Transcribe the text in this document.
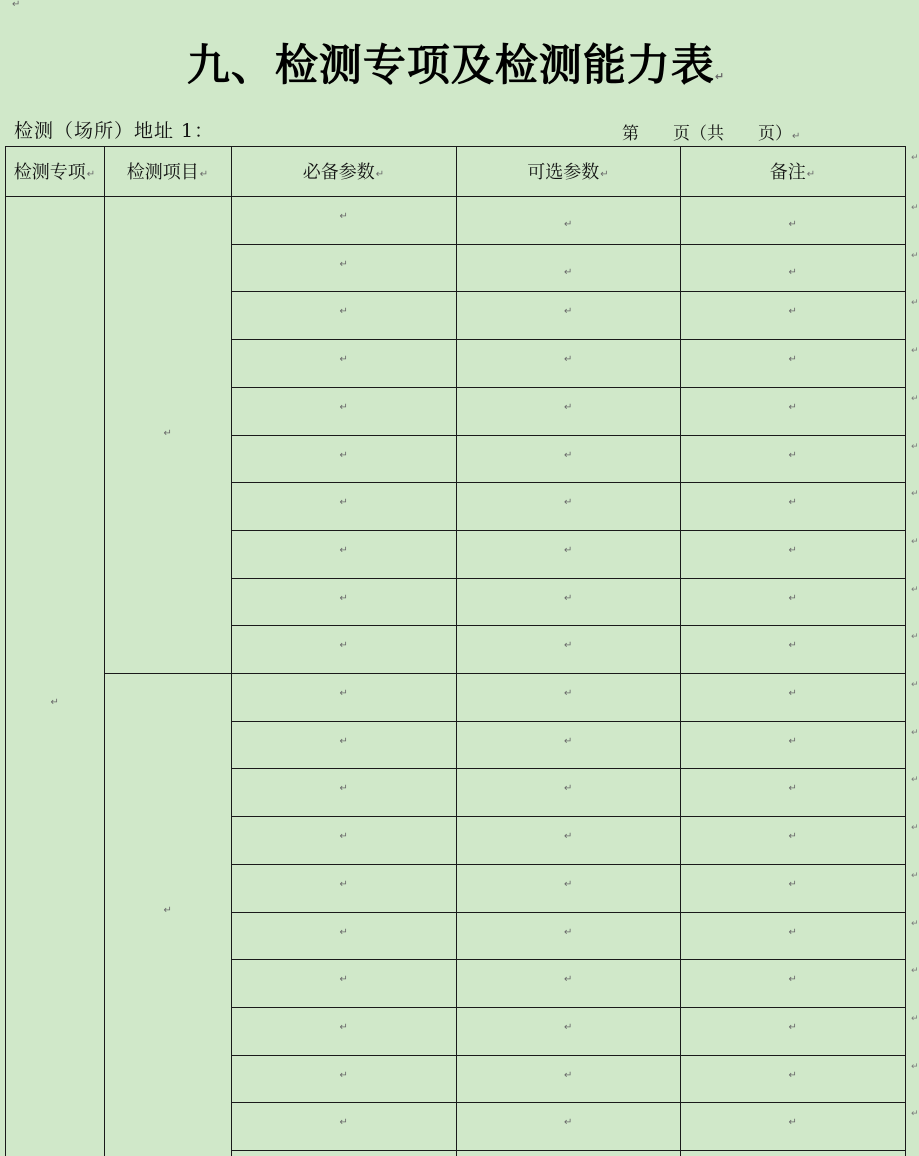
↵
九、检测专项及检测能力表↵
检测（场所）地址 1：	第　　页（共　　页）↵
检测专项 ↵ 检测项目 ↵	必备参数 ↵	可选参数 ↵	备注 ↵
↵
↵
↵	↵
↵
↵
↵	↵
↵
↵	↵	↵
↵
↵	↵	↵
↵
↵	↵	↵
↵
↵	↵	↵
↵
↵	↵	↵
↵
↵	↵	↵
↵
↵	↵	↵
↵
↵	↵	↵
↵
↵	↵	↵
↵
↵	↵	↵
↵
↵	↵	↵
↵
↵	↵	↵
↵
↵	↵	↵
↵
↵	↵	↵
↵
↵	↵	↵
↵
↵	↵	↵
↵
↵	↵	↵
↵
↵	↵	↵
↵
↵
↵
↵
